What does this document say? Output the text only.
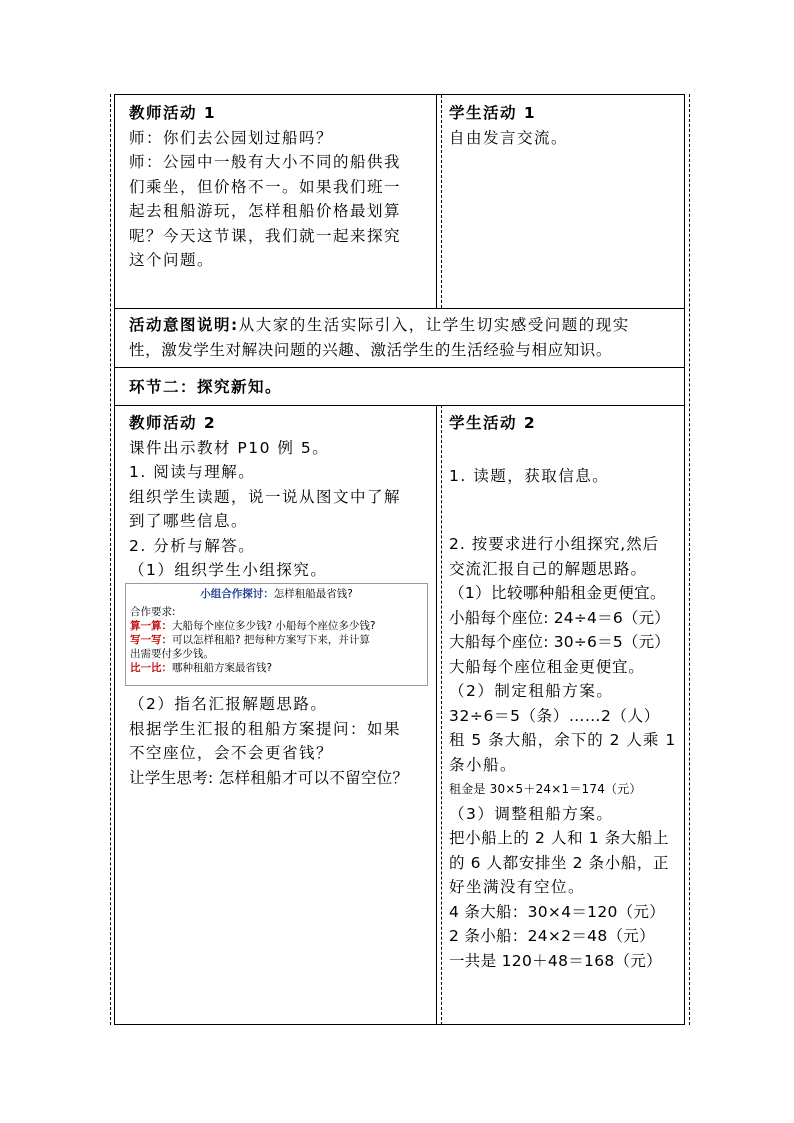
教师活动 1
师：你们去公园划过船吗？
师：公园中一般有大小不同的船供我
们乘坐，但价格不一。如果我们班一
起去租船游玩，怎样租船价格最划算
呢？今天这节课，我们就一起来探究
这个问题。
学生活动 1
自由发言交流。
活动意图说明:从大家的生活实际引入，让学生切实感受问题的现实
性，激发学生对解决问题的兴趣、激活学生的生活经验与相应知识。
环节二：探究新知。
教师活动 2
课件出示教材 P10 例 5。
1. 阅读与理解。
组织学生读题，说一说从图文中了解
到了哪些信息。
2. 分析与解答。
（1）组织学生小组探究。
小组合作探讨：怎样租船最省钱?
合作要求:
算一算：大船每个座位多少钱? 小船每个座位多少钱?
写一写：可以怎样租船? 把每种方案写下来，并计算
出需要付多少钱。
比一比：哪种租船方案最省钱?
（2）指名汇报解题思路。
根据学生汇报的租船方案提问：如果
不空座位，会不会更省钱？
让学生思考: 怎样租船才可以不留空位？
学生活动 2
1. 读题，获取信息。
2. 按要求进行小组探究,然后
交流汇报自己的解题思路。
（1）比较哪种船租金更便宜。
小船每个座位: 24÷4＝6（元）
大船每个座位: 30÷6＝5（元）
大船每个座位租金更便宜。
（2）制定租船方案。
32÷6＝5（条）……2（人）
租 5 条大船，余下的 2 人乘 1
条小船。
租金是 30×5＋24×1＝174（元）
（3）调整租船方案。
把小船上的 2 人和 1 条大船上
的 6 人都安排坐 2 条小船，正
好坐满没有空位。
4 条大船：30×4＝120（元）
2 条小船：24×2＝48（元）
一共是 120＋48＝168（元）
